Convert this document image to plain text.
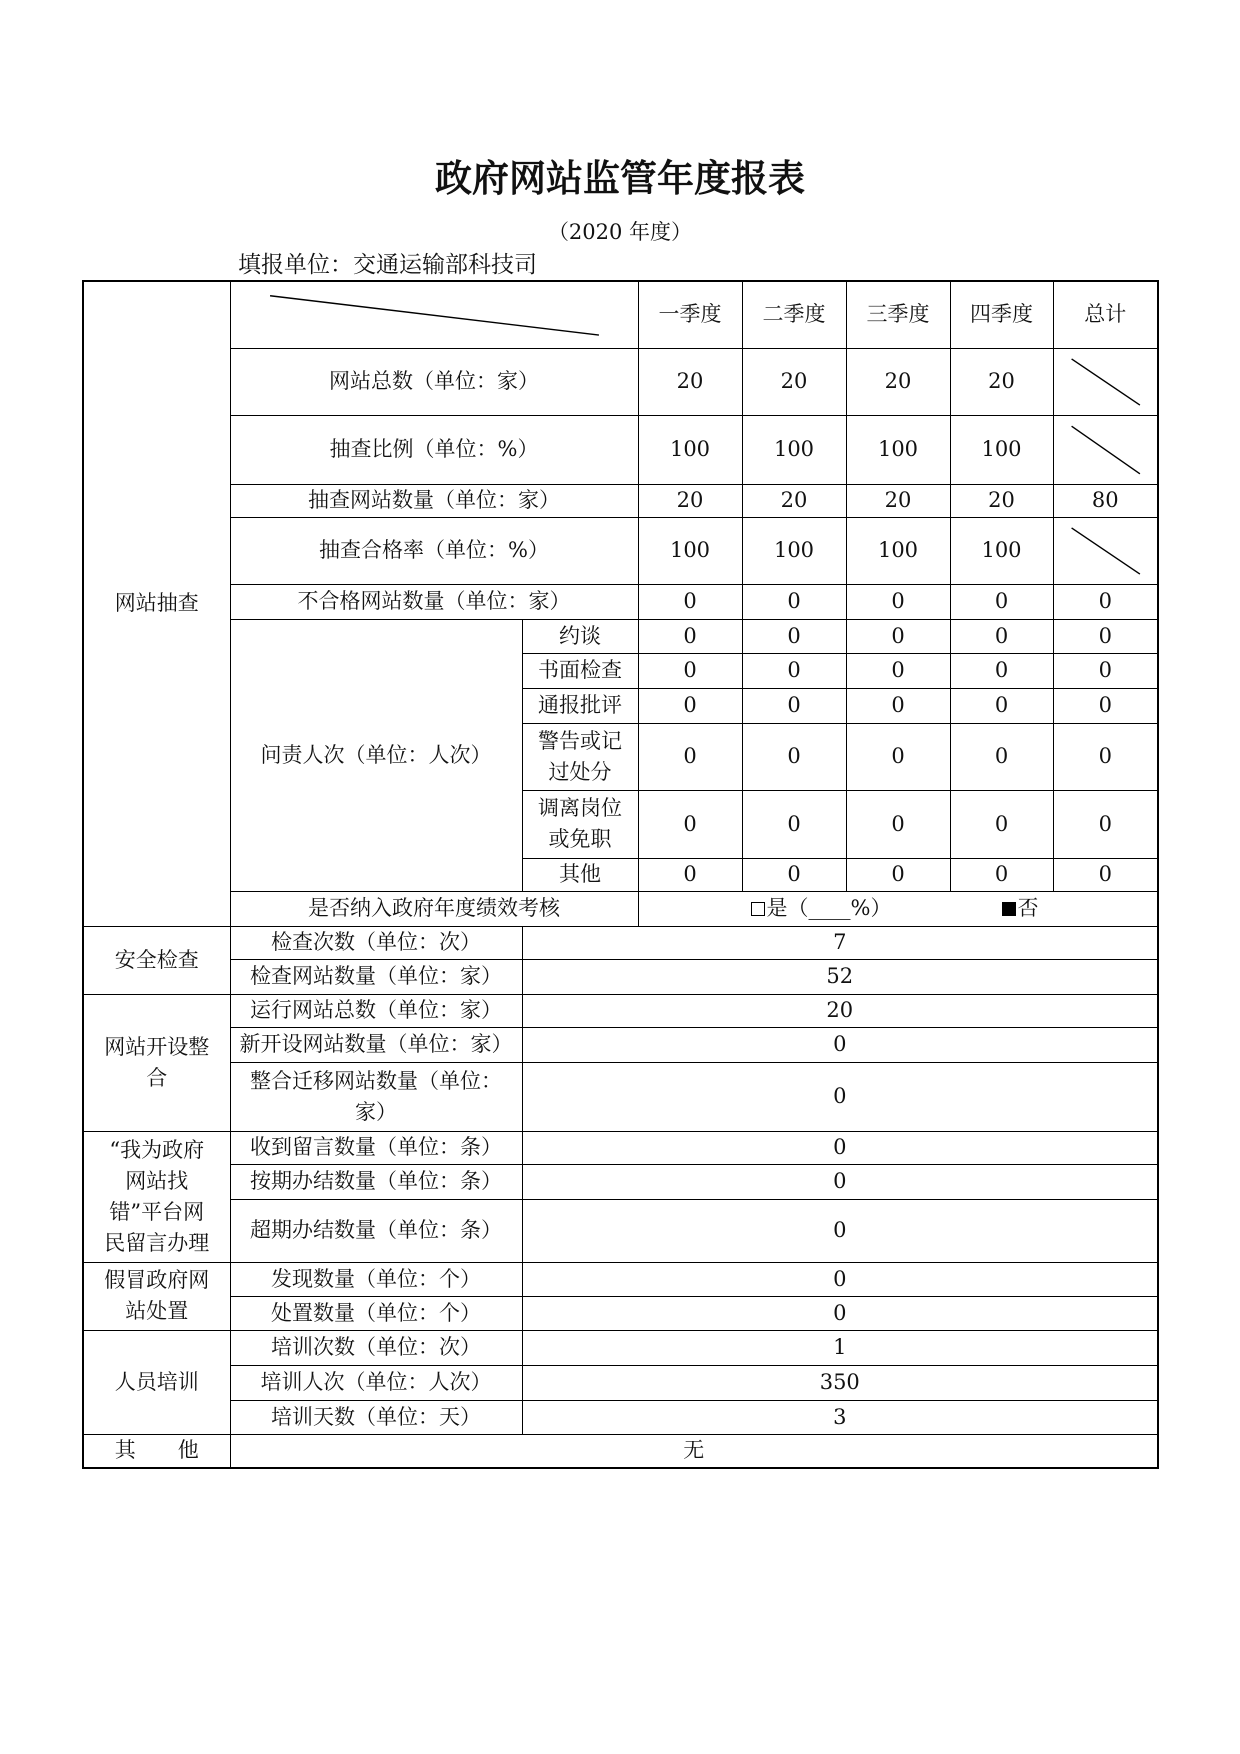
政府网站监管年度报表
（2020 年度）
填报单位：交通运输部科技司
网站抽查			一季度	二季度	三季度	四季度	总计
	网站总数（单位：家）		20	20	20	20	

	抽查比例（单位：%）		100	100	100	100	

	抽查网站数量（单位：家）		20	20	20	20	80
	抽查合格率（单位：%）		100	100	100	100	

	不合格网站数量（单位：家）		0	0	0	0	0
	问责人次（单位：人次）	约谈	0	0	0	0	0
		书面检查	0	0	0	0	0
		通报批评	0	0	0	0	0
		警告或记过处分	0	0	0	0	0
		调离岗位或免职	0	0	0	0	0
		其他	0	0	0	0	0
	是否纳入政府年度绩效考核		是（____%） 否				
安全检查	检查次数（单位：次）	7					
	检查网站数量（单位：家）	52					
网站开设整合	运行网站总数（单位：家）	20					
	新开设网站数量（单位：家）	0					
	整合迁移网站数量（单位：家）	0					
“我为政府网站找错”平台网民留言办理	收到留言数量（单位：条）	0					
	按期办结数量（单位：条）	0					
	超期办结数量（单位：条）	0					
假冒政府网站处置	发现数量（单位：个）	0					
	处置数量（单位：个）	0					
人员培训	培训次数（单位：次）	1					
	培训人次（单位：人次）	350					
	培训天数（单位：天）	3					
其　　他	无						
